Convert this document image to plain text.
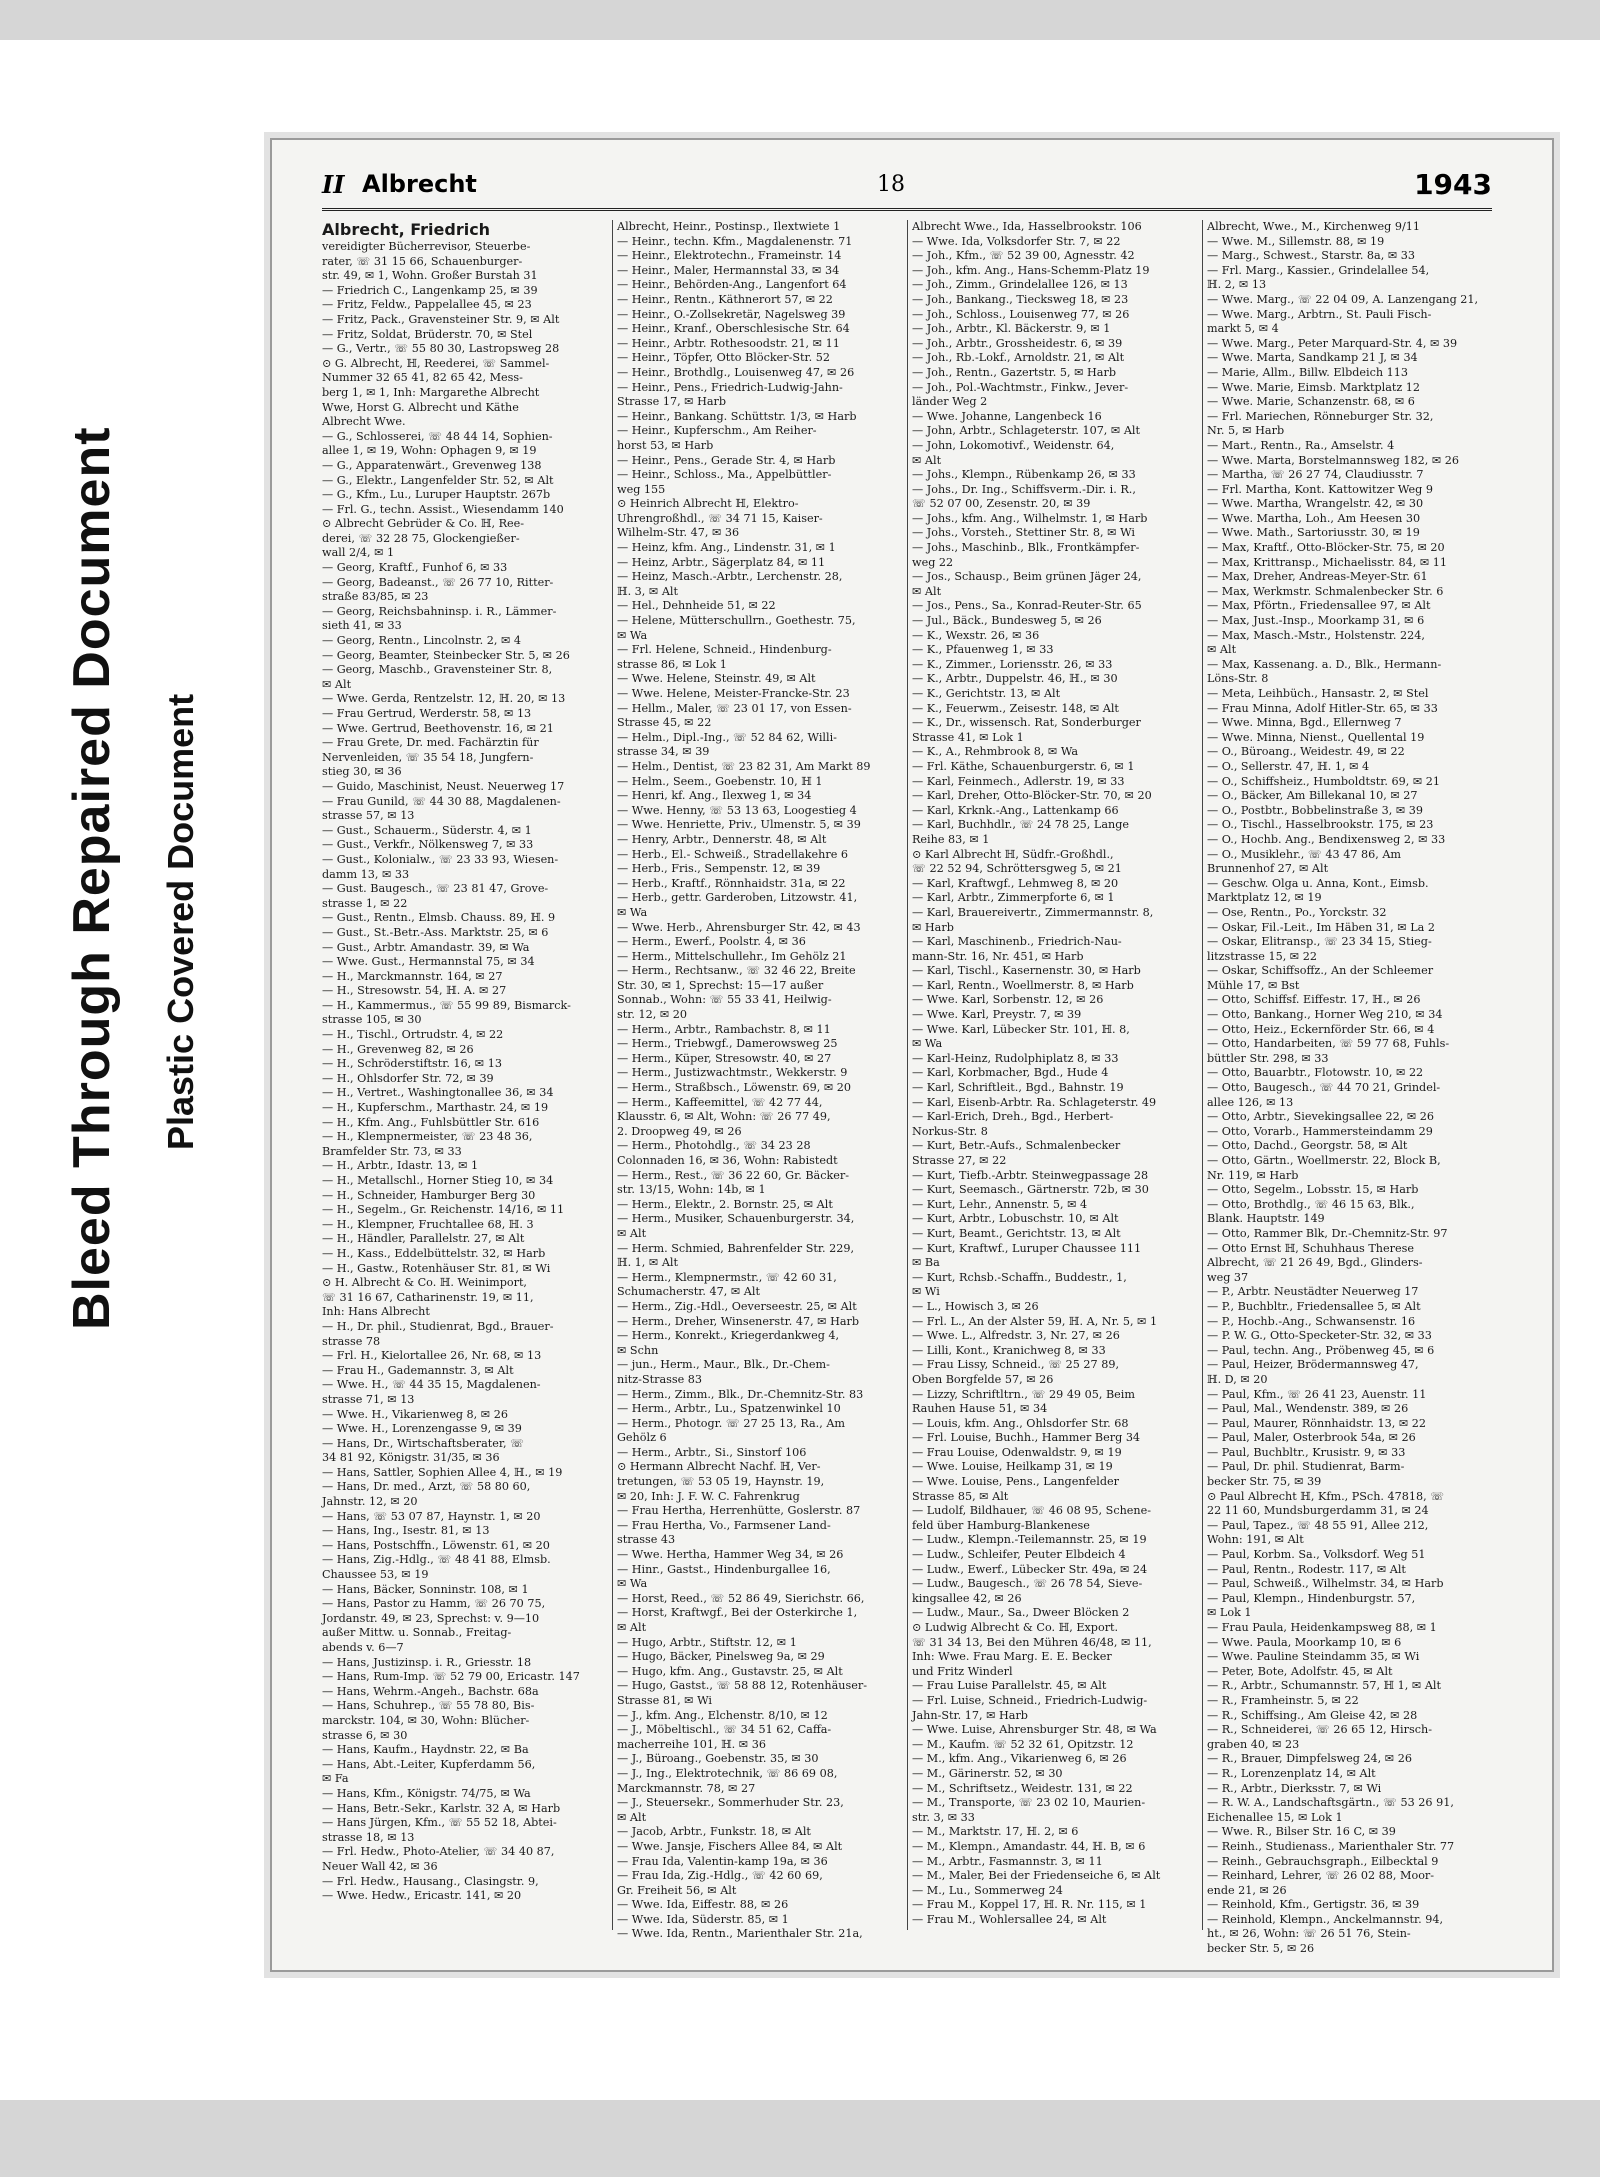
Bleed Through Repaired Document Plastic Covered Document
II Albrecht	18	1943
Albrecht, Friedrich
vereidigter Bücherrevisor, Steuerbe-
rater, ☏ 31 15 66, Schauenburger-
str. 49, ✉ 1, Wohn. Großer Burstah 31
— Friedrich C., Langenkamp 25, ✉ 39
— Fritz, Feldw., Pappelallee 45, ✉ 23
— Fritz, Pack., Gravensteiner Str. 9, ✉ Alt
— Fritz, Soldat, Brüderstr. 70, ✉ Stel
— G., Vertr., ☏ 55 80 30, Lastropsweg 28
⊙ G. Albrecht, ℍ, Reederei, ☏ Sammel-
Nummer 32 65 41, 82 65 42, Mess-
berg 1, ✉ 1, Inh: Margarethe Albrecht
Wwe, Horst G. Albrecht und Käthe
Albrecht Wwe.
— G., Schlosserei, ☏ 48 44 14, Sophien-
allee 1, ✉ 19, Wohn: Ophagen 9, ✉ 19
— G., Apparatenwärt., Grevenweg 138
— G., Elektr., Langenfelder Str. 52, ✉ Alt
— G., Kfm., Lu., Luruper Hauptstr. 267b
— Frl. G., techn. Assist., Wiesendamm 140
⊙ Albrecht Gebrüder & Co. ℍ, Ree-
derei, ☏ 32 28 75, Glockengießer-
wall 2/4, ✉ 1
— Georg, Kraftf., Funhof 6, ✉ 33
— Georg, Badeanst., ☏ 26 77 10, Ritter-
straße 83/85, ✉ 23
— Georg, Reichsbahninsp. i. R., Lämmer-
sieth 41, ✉ 33
— Georg, Rentn., Lincolnstr. 2, ✉ 4
— Georg, Beamter, Steinbecker Str. 5, ✉ 26
— Georg, Maschb., Gravensteiner Str. 8,
✉ Alt
— Wwe. Gerda, Rentzelstr. 12, ℍ. 20, ✉ 13
— Frau Gertrud, Werderstr. 58, ✉ 13
— Wwe. Gertrud, Beethovenstr. 16, ✉ 21
— Frau Grete, Dr. med. Fachärztin für
Nervenleiden, ☏ 35 54 18, Jungfern-
stieg 30, ✉ 36
— Guido, Maschinist, Neust. Neuerweg 17
— Frau Gunild, ☏ 44 30 88, Magdalenen-
strasse 57, ✉ 13
— Gust., Schauerm., Süderstr. 4, ✉ 1
— Gust., Verkfr., Nölkensweg 7, ✉ 33
— Gust., Kolonialw., ☏ 23 33 93, Wiesen-
damm 13, ✉ 33
— Gust. Baugesch., ☏ 23 81 47, Grove-
strasse 1, ✉ 22
— Gust., Rentn., Elmsb. Chauss. 89, ℍ. 9
— Gust., St.-Betr.-Ass. Marktstr. 25, ✉ 6
— Gust., Arbtr. Amandastr. 39, ✉ Wa
— Wwe. Gust., Hermannstal 75, ✉ 34
— H., Marckmannstr. 164, ✉ 27
— H., Stresowstr. 54, ℍ. A. ✉ 27
— H., Kammermus., ☏ 55 99 89, Bismarck-
strasse 105, ✉ 30
— H., Tischl., Ortrudstr. 4, ✉ 22
— H., Grevenweg 82, ✉ 26
— H., Schröderstiftstr. 16, ✉ 13
— H., Ohlsdorfer Str. 72, ✉ 39
— H., Vertret., Washingtonallee 36, ✉ 34
— H., Kupferschm., Marthastr. 24, ✉ 19
— H., Kfm. Ang., Fuhlsbüttler Str. 616
— H., Klempnermeister, ☏ 23 48 36,
Bramfelder Str. 73, ✉ 33
— H., Arbtr., Idastr. 13, ✉ 1
— H., Metallschl., Horner Stieg 10, ✉ 34
— H., Schneider, Hamburger Berg 30
— H., Segelm., Gr. Reichenstr. 14/16, ✉ 11
— H., Klempner, Fruchtallee 68, ℍ. 3
— H., Händler, Parallelstr. 27, ✉ Alt
— H., Kass., Eddelbüttelstr. 32, ✉ Harb
— H., Gastw., Rotenhäuser Str. 81, ✉ Wi
⊙ H. Albrecht & Co. ℍ. Weinimport,
☏ 31 16 67, Catharinenstr. 19, ✉ 11,
Inh: Hans Albrecht
— H., Dr. phil., Studienrat, Bgd., Brauer-
strasse 78
— Frl. H., Kielortallee 26, Nr. 68, ✉ 13
— Frau H., Gademannstr. 3, ✉ Alt
— Wwe. H., ☏ 44 35 15, Magdalenen-
strasse 71, ✉ 13
— Wwe. H., Vikarienweg 8, ✉ 26
— Wwe. H., Lorenzengasse 9, ✉ 39
— Hans, Dr., Wirtschaftsberater, ☏
34 81 92, Königstr. 31/35, ✉ 36
— Hans, Sattler, Sophien Allee 4, ℍ., ✉ 19
— Hans, Dr. med., Arzt, ☏ 58 80 60,
Jahnstr. 12, ✉ 20
— Hans, ☏ 53 07 87, Haynstr. 1, ✉ 20
— Hans, Ing., Isestr. 81, ✉ 13
— Hans, Postschffn., Löwenstr. 61, ✉ 20
— Hans, Zig.-Hdlg., ☏ 48 41 88, Elmsb.
Chaussee 53, ✉ 19
— Hans, Bäcker, Sonninstr. 108, ✉ 1
— Hans, Pastor zu Hamm, ☏ 26 70 75,
Jordanstr. 49, ✉ 23, Sprechst: v. 9—10
außer Mittw. u. Sonnab., Freitag-
abends v. 6—7
— Hans, Justizinsp. i. R., Griesstr. 18
— Hans, Rum-Imp. ☏ 52 79 00, Ericastr. 147
— Hans, Wehrm.-Angeh., Bachstr. 68a
— Hans, Schuhrep., ☏ 55 78 80, Bis-
marckstr. 104, ✉ 30, Wohn: Blücher-
strasse 6, ✉ 30
— Hans, Kaufm., Haydnstr. 22, ✉ Ba
— Hans, Abt.-Leiter, Kupferdamm 56,
✉ Fa
— Hans, Kfm., Königstr. 74/75, ✉ Wa
— Hans, Betr.-Sekr., Karlstr. 32 A, ✉ Harb
— Hans Jürgen, Kfm., ☏ 55 52 18, Abtei-
strasse 18, ✉ 13
— Frl. Hedw., Photo-Atelier, ☏ 34 40 87,
Neuer Wall 42, ✉ 36
— Frl. Hedw., Hausang., Clasingstr. 9,
— Wwe. Hedw., Ericastr. 141, ✉ 20
Albrecht, Heinr., Postinsp., Ilextwiete 1
— Heinr., techn. Kfm., Magdalenenstr. 71
— Heinr., Elektrotechn., Frameinstr. 14
— Heinr., Maler, Hermannstal 33, ✉ 34
— Heinr., Behörden-Ang., Langenfort 64
— Heinr., Rentn., Käthnerort 57, ✉ 22
— Heinr., O.-Zollsekretär, Nagelsweg 39
— Heinr., Kranf., Oberschlesische Str. 64
— Heinr., Arbtr. Rothesoodstr. 21, ✉ 11
— Heinr., Töpfer, Otto Blöcker-Str. 52
— Heinr., Brothdlg., Louisenweg 47, ✉ 26
— Heinr., Pens., Friedrich-Ludwig-Jahn-
Strasse 17, ✉ Harb
— Heinr., Bankang. Schüttstr. 1/3, ✉ Harb
— Heinr., Kupferschm., Am Reiher-
horst 53, ✉ Harb
— Heinr., Pens., Gerade Str. 4, ✉ Harb
— Heinr., Schloss., Ma., Appelbüttler-
weg 155
⊙ Heinrich Albrecht ℍ, Elektro-
Uhrengroßhdl., ☏ 34 71 15, Kaiser-
Wilhelm-Str. 47, ✉ 36
— Heinz, kfm. Ang., Lindenstr. 31, ✉ 1
— Heinz, Arbtr., Sägerplatz 84, ✉ 11
— Heinz, Masch.-Arbtr., Lerchenstr. 28,
ℍ. 3, ✉ Alt
— Hel., Dehnheide 51, ✉ 22
— Helene, Mütterschullrn., Goethestr. 75,
✉ Wa
— Frl. Helene, Schneid., Hindenburg-
strasse 86, ✉ Lok 1
— Wwe. Helene, Steinstr. 49, ✉ Alt
— Wwe. Helene, Meister-Francke-Str. 23
— Hellm., Maler, ☏ 23 01 17, von Essen-
Strasse 45, ✉ 22
— Helm., Dipl.-Ing., ☏ 52 84 62, Willi-
strasse 34, ✉ 39
— Helm., Dentist, ☏ 23 82 31, Am Markt 89
— Helm., Seem., Goebenstr. 10, ℍ 1
— Henri, kf. Ang., Ilexweg 1, ✉ 34
— Wwe. Henny, ☏ 53 13 63, Loogestieg 4
— Wwe. Henriette, Priv., Ulmenstr. 5, ✉ 39
— Henry, Arbtr., Dennerstr. 48, ✉ Alt
— Herb., El.- Schweiß., Stradellakehre 6
— Herb., Fris., Sempenstr. 12, ✉ 39
— Herb., Kraftf., Rönnhaidstr. 31a, ✉ 22
— Herb., gettr. Garderoben, Litzowstr. 41,
✉ Wa
— Wwe. Herb., Ahrensburger Str. 42, ✉ 43
— Herm., Ewerf., Poolstr. 4, ✉ 36
— Herm., Mittelschullehr., Im Gehölz 21
— Herm., Rechtsanw., ☏ 32 46 22, Breite
Str. 30, ✉ 1, Sprechst: 15—17 außer
Sonnab., Wohn: ☏ 55 33 41, Heilwig-
str. 12, ✉ 20
— Herm., Arbtr., Rambachstr. 8, ✉ 11
— Herm., Triebwgf., Damerowsweg 25
— Herm., Küper, Stresowstr. 40, ✉ 27
— Herm., Justizwachtmstr., Wekkerstr. 9
— Herm., Straßbsch., Löwenstr. 69, ✉ 20
— Herm., Kaffeemittel, ☏ 42 77 44,
Klausstr. 6, ✉ Alt, Wohn: ☏ 26 77 49,
2. Droopweg 49, ✉ 26
— Herm., Photohdlg., ☏ 34 23 28
Colonnaden 16, ✉ 36, Wohn: Rabistedt
— Herm., Rest., ☏ 36 22 60, Gr. Bäcker-
str. 13/15, Wohn: 14b, ✉ 1
— Herm., Elektr., 2. Bornstr. 25, ✉ Alt
— Herm., Musiker, Schauenburgerstr. 34,
✉ Alt
— Herm. Schmied, Bahrenfelder Str. 229,
ℍ. 1, ✉ Alt
— Herm., Klempnermstr., ☏ 42 60 31,
Schumacherstr. 47, ✉ Alt
— Herm., Zig.-Hdl., Oeverseestr. 25, ✉ Alt
— Herm., Dreher, Winsenerstr. 47, ✉ Harb
— Herm., Konrekt., Kriegerdankweg 4,
✉ Schn
— jun., Herm., Maur., Blk., Dr.-Chem-
nitz-Strasse 83
— Herm., Zimm., Blk., Dr.-Chemnitz-Str. 83
— Herm., Arbtr., Lu., Spatzenwinkel 10
— Herm., Photogr. ☏ 27 25 13, Ra., Am
Gehölz 6
— Herm., Arbtr., Si., Sinstorf 106
⊙ Hermann Albrecht Nachf. ℍ, Ver-
tretungen, ☏ 53 05 19, Haynstr. 19,
✉ 20, Inh: J. F. W. C. Fahrenkrug
— Frau Hertha, Herrenhütte, Goslerstr. 87
— Frau Hertha, Vo., Farmsener Land-
strasse 43
— Wwe. Hertha, Hammer Weg 34, ✉ 26
— Hinr., Gastst., Hindenburgallee 16,
✉ Wa
— Horst, Reed., ☏ 52 86 49, Sierichstr. 66,
— Horst, Kraftwgf., Bei der Osterkirche 1,
✉ Alt
— Hugo, Arbtr., Stiftstr. 12, ✉ 1
— Hugo, Bäcker, Pinelsweg 9a, ✉ 29
— Hugo, kfm. Ang., Gustavstr. 25, ✉ Alt
— Hugo, Gastst., ☏ 58 88 12, Rotenhäuser-
Strasse 81, ✉ Wi
— J., kfm. Ang., Elchenstr. 8/10, ✉ 12
— J., Möbeltischl., ☏ 34 51 62, Caffa-
macherreihe 101, ℍ. ✉ 36
— J., Büroang., Goebenstr. 35, ✉ 30
— J., Ing., Elektrotechnik, ☏ 86 69 08,
Marckmannstr. 78, ✉ 27
— J., Steuersekr., Sommerhuder Str. 23,
✉ Alt
— Jacob, Arbtr., Funkstr. 18, ✉ Alt
— Wwe. Jansje, Fischers Allee 84, ✉ Alt
— Frau Ida, Valentin-kamp 19a, ✉ 36
— Frau Ida, Zig.-Hdlg., ☏ 42 60 69,
Gr. Freiheit 56, ✉ Alt
— Wwe. Ida, Eiffestr. 88, ✉ 26
— Wwe. Ida, Süderstr. 85, ✉ 1
— Wwe. Ida, Rentn., Marienthaler Str. 21a,
Albrecht Wwe., Ida, Hasselbrookstr. 106
— Wwe. Ida, Volksdorfer Str. 7, ✉ 22
— Joh., Kfm., ☏ 52 39 00, Agnesstr. 42
— Joh., kfm. Ang., Hans-Schemm-Platz 19
— Joh., Zimm., Grindelallee 126, ✉ 13
— Joh., Bankang., Tiecksweg 18, ✉ 23
— Joh., Schloss., Louisenweg 77, ✉ 26
— Joh., Arbtr., Kl. Bäckerstr. 9, ✉ 1
— Joh., Arbtr., Grossheidestr. 6, ✉ 39
— Joh., Rb.-Lokf., Arnoldstr. 21, ✉ Alt
— Joh., Rentn., Gazertstr. 5, ✉ Harb
— Joh., Pol.-Wachtmstr., Finkw., Jever-
länder Weg 2
— Wwe. Johanne, Langenbeck 16
— John, Arbtr., Schlageterstr. 107, ✉ Alt
— John, Lokomotivf., Weidenstr. 64,
✉ Alt
— Johs., Klempn., Rübenkamp 26, ✉ 33
— Johs., Dr. Ing., Schiffsverm.-Dir. i. R.,
☏ 52 07 00, Zesenstr. 20, ✉ 39
— Johs., kfm. Ang., Wilhelmstr. 1, ✉ Harb
— Johs., Vorsteh., Stettiner Str. 8, ✉ Wi
— Johs., Maschinb., Blk., Frontkämpfer-
weg 22
— Jos., Schausp., Beim grünen Jäger 24,
✉ Alt
— Jos., Pens., Sa., Konrad-Reuter-Str. 65
— Jul., Bäck., Bundesweg 5, ✉ 26
— K., Wexstr. 26, ✉ 36
— K., Pfauenweg 1, ✉ 33
— K., Zimmer., Loriensstr. 26, ✉ 33
— K., Arbtr., Duppelstr. 46, ℍ., ✉ 30
— K., Gerichtstr. 13, ✉ Alt
— K., Feuerwm., Zeisestr. 148, ✉ Alt
— K., Dr., wissensch. Rat, Sonderburger
Strasse 41, ✉ Lok 1
— K., A., Rehmbrook 8, ✉ Wa
— Frl. Käthe, Schauenburgerstr. 6, ✉ 1
— Karl, Feinmech., Adlerstr. 19, ✉ 33
— Karl, Dreher, Otto-Blöcker-Str. 70, ✉ 20
— Karl, Krknk.-Ang., Lattenkamp 66
— Karl, Buchhdlr., ☏ 24 78 25, Lange
Reihe 83, ✉ 1
⊙ Karl Albrecht ℍ, Südfr.-Großhdl.,
☏ 22 52 94, Schröttersgweg 5, ✉ 21
— Karl, Kraftwgf., Lehmweg 8, ✉ 20
— Karl, Arbtr., Zimmerpforte 6, ✉ 1
— Karl, Brauereivertr., Zimmermannstr. 8,
✉ Harb
— Karl, Maschinenb., Friedrich-Nau-
mann-Str. 16, Nr. 451, ✉ Harb
— Karl, Tischl., Kasernenstr. 30, ✉ Harb
— Karl, Rentn., Woellmerstr. 8, ✉ Harb
— Wwe. Karl, Sorbenstr. 12, ✉ 26
— Wwe. Karl, Preystr. 7, ✉ 39
— Wwe. Karl, Lübecker Str. 101, ℍ. 8,
✉ Wa
— Karl-Heinz, Rudolphiplatz 8, ✉ 33
— Karl, Korbmacher, Bgd., Hude 4
— Karl, Schriftleit., Bgd., Bahnstr. 19
— Karl, Eisenb-Arbtr. Ra. Schlageterstr. 49
— Karl-Erich, Dreh., Bgd., Herbert-
Norkus-Str. 8
— Kurt, Betr.-Aufs., Schmalenbecker
Strasse 27, ✉ 22
— Kurt, Tiefb.-Arbtr. Steinwegpassage 28
— Kurt, Seemasch., Gärtnerstr. 72b, ✉ 30
— Kurt, Lehr., Annenstr. 5, ✉ 4
— Kurt, Arbtr., Lobuschstr. 10, ✉ Alt
— Kurt, Beamt., Gerichtstr. 13, ✉ Alt
— Kurt, Kraftwf., Luruper Chaussee 111
✉ Ba
— Kurt, Rchsb.-Schaffn., Buddestr., 1,
✉ Wi
— L., Howisch 3, ✉ 26
— Frl. L., An der Alster 59, ℍ. A, Nr. 5, ✉ 1
— Wwe. L., Alfredstr. 3, Nr. 27, ✉ 26
— Lilli, Kont., Kranichweg 8, ✉ 33
— Frau Lissy, Schneid., ☏ 25 27 89,
Oben Borgfelde 57, ✉ 26
— Lizzy, Schriftltrn., ☏ 29 49 05, Beim
Rauhen Hause 51, ✉ 34
— Louis, kfm. Ang., Ohlsdorfer Str. 68
— Frl. Louise, Buchh., Hammer Berg 34
— Frau Louise, Odenwaldstr. 9, ✉ 19
— Wwe. Louise, Heilkamp 31, ✉ 19
— Wwe. Louise, Pens., Langenfelder
Strasse 85, ✉ Alt
— Ludolf, Bildhauer, ☏ 46 08 95, Schene-
feld über Hamburg-Blankenese
— Ludw., Klempn.-Teilemannstr. 25, ✉ 19
— Ludw., Schleifer, Peuter Elbdeich 4
— Ludw., Ewerf., Lübecker Str. 49a, ✉ 24
— Ludw., Baugesch., ☏ 26 78 54, Sieve-
kingsallee 42, ✉ 26
— Ludw., Maur., Sa., Dweer Blöcken 2
⊙ Ludwig Albrecht & Co. ℍ, Export.
☏ 31 34 13, Bei den Mühren 46/48, ✉ 11,
Inh: Wwe. Frau Marg. E. E. Becker
und Fritz Winderl
— Frau Luise Parallelstr. 45, ✉ Alt
— Frl. Luise, Schneid., Friedrich-Ludwig-
Jahn-Str. 17, ✉ Harb
— Wwe. Luise, Ahrensburger Str. 48, ✉ Wa
— M., Kaufm. ☏ 52 32 61, Opitzstr. 12
— M., kfm. Ang., Vikarienweg 6, ✉ 26
— M., Gärinerstr. 52, ✉ 30
— M., Schriftsetz., Weidestr. 131, ✉ 22
— M., Transporte, ☏ 23 02 10, Maurien-
str. 3, ✉ 33
— M., Marktstr. 17, ℍ. 2, ✉ 6
— M., Klempn., Amandastr. 44, ℍ. B, ✉ 6
— M., Arbtr., Fasmannstr. 3, ✉ 11
— M., Maler, Bei der Friedenseiche 6, ✉ Alt
— M., Lu., Sommerweg 24
— Frau M., Koppel 17, ℍ. R. Nr. 115, ✉ 1
— Frau M., Wohlersallee 24, ✉ Alt
Albrecht, Wwe., M., Kirchenweg 9/11
— Wwe. M., Sillemstr. 88, ✉ 19
— Marg., Schwest., Starstr. 8a, ✉ 33
— Frl. Marg., Kassier., Grindelallee 54,
ℍ. 2, ✉ 13
— Wwe. Marg., ☏ 22 04 09, A. Lanzengang 21,
— Wwe. Marg., Arbtrn., St. Pauli Fisch-
markt 5, ✉ 4
— Wwe. Marg., Peter Marquard-Str. 4, ✉ 39
— Wwe. Marta, Sandkamp 21 J, ✉ 34
— Marie, Allm., Billw. Elbdeich 113
— Wwe. Marie, Eimsb. Marktplatz 12
— Wwe. Marie, Schanzenstr. 68, ✉ 6
— Frl. Mariechen, Rönneburger Str. 32,
Nr. 5, ✉ Harb
— Mart., Rentn., Ra., Amselstr. 4
— Wwe. Marta, Borstelmannsweg 182, ✉ 26
— Martha, ☏ 26 27 74, Claudiusstr. 7
— Frl. Martha, Kont. Kattowitzer Weg 9
— Wwe. Martha, Wrangelstr. 42, ✉ 30
— Wwe. Martha, Loh., Am Heesen 30
— Wwe. Math., Sartoriusstr. 30, ✉ 19
— Max, Kraftf., Otto-Blöcker-Str. 75, ✉ 20
— Max, Krittransp., Michaelisstr. 84, ✉ 11
— Max, Dreher, Andreas-Meyer-Str. 61
— Max, Werkmstr. Schmalenbecker Str. 6
— Max, Pförtn., Friedensallee 97, ✉ Alt
— Max, Just.-Insp., Moorkamp 31, ✉ 6
— Max, Masch.-Mstr., Holstenstr. 224,
✉ Alt
— Max, Kassenang. a. D., Blk., Hermann-
Löns-Str. 8
— Meta, Leihbüch., Hansastr. 2, ✉ Stel
— Frau Minna, Adolf Hitler-Str. 65, ✉ 33
— Wwe. Minna, Bgd., Ellernweg 7
— Wwe. Minna, Nienst., Quellental 19
— O., Büroang., Weidestr. 49, ✉ 22
— O., Sellerstr. 47, ℍ. 1, ✉ 4
— O., Schiffsheiz., Humboldtstr. 69, ✉ 21
— O., Bäcker, Am Billekanal 10, ✉ 27
— O., Postbtr., Bobbelinstraße 3, ✉ 39
— O., Tischl., Hasselbrookstr. 175, ✉ 23
— O., Hochb. Ang., Bendixensweg 2, ✉ 33
— O., Musiklehr., ☏ 43 47 86, Am
Brunnenhof 27, ✉ Alt
— Geschw. Olga u. Anna, Kont., Eimsb.
Marktplatz 12, ✉ 19
— Ose, Rentn., Po., Yorckstr. 32
— Oskar, Fil.-Leit., Im Häben 31, ✉ La 2
— Oskar, Elitransp., ☏ 23 34 15, Stieg-
litzstrasse 15, ✉ 22
— Oskar, Schiffsoffz., An der Schleemer
Mühle 17, ✉ Bst
— Otto, Schiffsf. Eiffestr. 17, ℍ., ✉ 26
— Otto, Bankang., Horner Weg 210, ✉ 34
— Otto, Heiz., Eckernförder Str. 66, ✉ 4
— Otto, Handarbeiten, ☏ 59 77 68, Fuhls-
büttler Str. 298, ✉ 33
— Otto, Bauarbtr., Flotowstr. 10, ✉ 22
— Otto, Baugesch., ☏ 44 70 21, Grindel-
allee 126, ✉ 13
— Otto, Arbtr., Sievekingsallee 22, ✉ 26
— Otto, Vorarb., Hammersteindamm 29
— Otto, Dachd., Georgstr. 58, ✉ Alt
— Otto, Gärtn., Woellmerstr. 22, Block B,
Nr. 119, ✉ Harb
— Otto, Segelm., Lobsstr. 15, ✉ Harb
— Otto, Brothdlg., ☏ 46 15 63, Blk.,
Blank. Hauptstr. 149
— Otto, Rammer Blk, Dr.-Chemnitz-Str. 97
— Otto Ernst ℍ, Schuhhaus Therese
Albrecht, ☏ 21 26 49, Bgd., Glinders-
weg 37
— P., Arbtr. Neustädter Neuerweg 17
— P., Buchbltr., Friedensallee 5, ✉ Alt
— P., Hochb.-Ang., Schwansenstr. 16
— P. W. G., Otto-Specketer-Str. 32, ✉ 33
— Paul, techn. Ang., Pröbenweg 45, ✉ 6
— Paul, Heizer, Brödermannsweg 47,
ℍ. D, ✉ 20
— Paul, Kfm., ☏ 26 41 23, Auenstr. 11
— Paul, Mal., Wendenstr. 389, ✉ 26
— Paul, Maurer, Rönnhaidstr. 13, ✉ 22
— Paul, Maler, Osterbrook 54a, ✉ 26
— Paul, Buchbltr., Krusistr. 9, ✉ 33
— Paul, Dr. phil. Studienrat, Barm-
becker Str. 75, ✉ 39
⊙ Paul Albrecht ℍ, Kfm., PSch. 47818, ☏
22 11 60, Mundsburgerdamm 31, ✉ 24
— Paul, Tapez., ☏ 48 55 91, Allee 212,
Wohn: 191, ✉ Alt
— Paul, Korbm. Sa., Volksdorf. Weg 51
— Paul, Rentn., Rodestr. 117, ✉ Alt
— Paul, Schweiß., Wilhelmstr. 34, ✉ Harb
— Paul, Klempn., Hindenburgstr. 57,
✉ Lok 1
— Frau Paula, Heidenkampsweg 88, ✉ 1
— Wwe. Paula, Moorkamp 10, ✉ 6
— Wwe. Pauline Steindamm 35, ✉ Wi
— Peter, Bote, Adolfstr. 45, ✉ Alt
— R., Arbtr., Schumannstr. 57, ℍ 1, ✉ Alt
— R., Framheinstr. 5, ✉ 22
— R., Schiffsing., Am Gleise 42, ✉ 28
— R., Schneiderei, ☏ 26 65 12, Hirsch-
graben 40, ✉ 23
— R., Brauer, Dimpfelsweg 24, ✉ 26
— R., Lorenzenplatz 14, ✉ Alt
— R., Arbtr., Dierksstr. 7, ✉ Wi
— R. W. A., Landschaftsgärtn., ☏ 53 26 91,
Eichenallee 15, ✉ Lok 1
— Wwe. R., Bilser Str. 16 C, ✉ 39
— Reinh., Studienass., Marienthaler Str. 77
— Reinh., Gebrauchsgraph., Eilbecktal 9
— Reinhard, Lehrer, ☏ 26 02 88, Moor-
ende 21, ✉ 26
— Reinhold, Kfm., Gertigstr. 36, ✉ 39
— Reinhold, Klempn., Anckelmannstr. 94,
ht., ✉ 26, Wohn: ☏ 26 51 76, Stein-
becker Str. 5, ✉ 26
